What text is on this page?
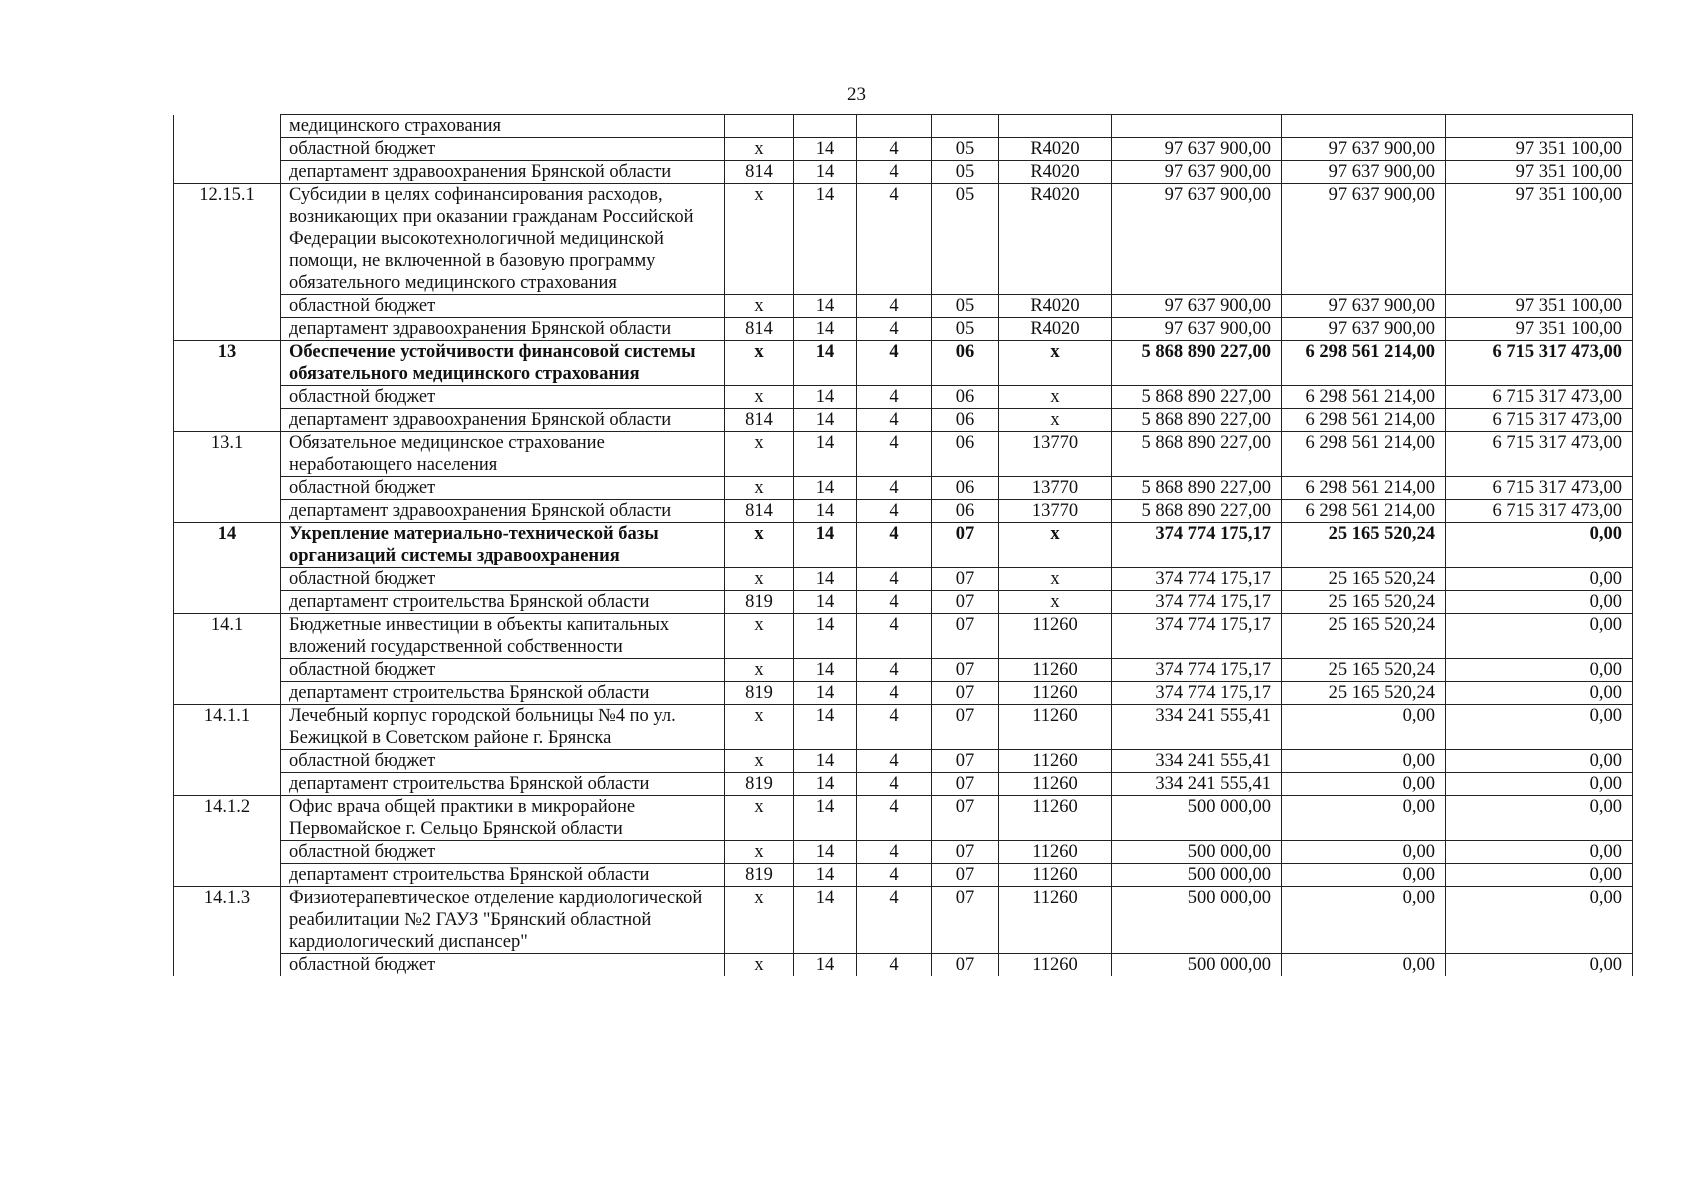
23
	медицинского страхования								
	областной бюджет	х	14	4	05	R4020	97 637 900,00	97 637 900,00	97 351 100,00
	департамент здравоохранения Брянской области	814	14	4	05	R4020	97 637 900,00	97 637 900,00	97 351 100,00
12.15.1	Субсидии в целях софинансирования расходов, возникающих при оказании гражданам Российской Федерации высокотехнологичной медицинской помощи, не включенной в базовую программу обязательного медицинского страхования	х	14	4	05	R4020	97 637 900,00	97 637 900,00	97 351 100,00
	областной бюджет	х	14	4	05	R4020	97 637 900,00	97 637 900,00	97 351 100,00
	департамент здравоохранения Брянской области	814	14	4	05	R4020	97 637 900,00	97 637 900,00	97 351 100,00
13	Обеспечение устойчивости финансовой системы обязательного медицинского страхования	х	14	4	06	х	5 868 890 227,00	6 298 561 214,00	6 715 317 473,00
	областной бюджет	х	14	4	06	х	5 868 890 227,00	6 298 561 214,00	6 715 317 473,00
	департамент здравоохранения Брянской области	814	14	4	06	х	5 868 890 227,00	6 298 561 214,00	6 715 317 473,00
13.1	Обязательное медицинское страхование неработающего населения	х	14	4	06	13770	5 868 890 227,00	6 298 561 214,00	6 715 317 473,00
	областной бюджет	х	14	4	06	13770	5 868 890 227,00	6 298 561 214,00	6 715 317 473,00
	департамент здравоохранения Брянской области	814	14	4	06	13770	5 868 890 227,00	6 298 561 214,00	6 715 317 473,00
14	Укрепление материально-технической базы организаций системы здравоохранения	х	14	4	07	х	374 774 175,17	25 165 520,24	0,00
	областной бюджет	х	14	4	07	х	374 774 175,17	25 165 520,24	0,00
	департамент строительства Брянской области	819	14	4	07	х	374 774 175,17	25 165 520,24	0,00
14.1	Бюджетные инвестиции в объекты капитальных вложений государственной собственности	х	14	4	07	11260	374 774 175,17	25 165 520,24	0,00
	областной бюджет	х	14	4	07	11260	374 774 175,17	25 165 520,24	0,00
	департамент строительства Брянской области	819	14	4	07	11260	374 774 175,17	25 165 520,24	0,00
14.1.1	Лечебный корпус городской больницы №4 по ул. Бежицкой в Советском районе г. Брянска	х	14	4	07	11260	334 241 555,41	0,00	0,00
	областной бюджет	х	14	4	07	11260	334 241 555,41	0,00	0,00
	департамент строительства Брянской области	819	14	4	07	11260	334 241 555,41	0,00	0,00
14.1.2	Офис врача общей практики в микрорайоне Первомайское г. Сельцо Брянской области	х	14	4	07	11260	500 000,00	0,00	0,00
	областной бюджет	х	14	4	07	11260	500 000,00	0,00	0,00
	департамент строительства Брянской области	819	14	4	07	11260	500 000,00	0,00	0,00
14.1.3	Физиотерапевтическое отделение кардиологической реабилитации №2 ГАУЗ "Брянский областной кардиологический диспансер"	х	14	4	07	11260	500 000,00	0,00	0,00
	областной бюджет	х	14	4	07	11260	500 000,00	0,00	0,00
